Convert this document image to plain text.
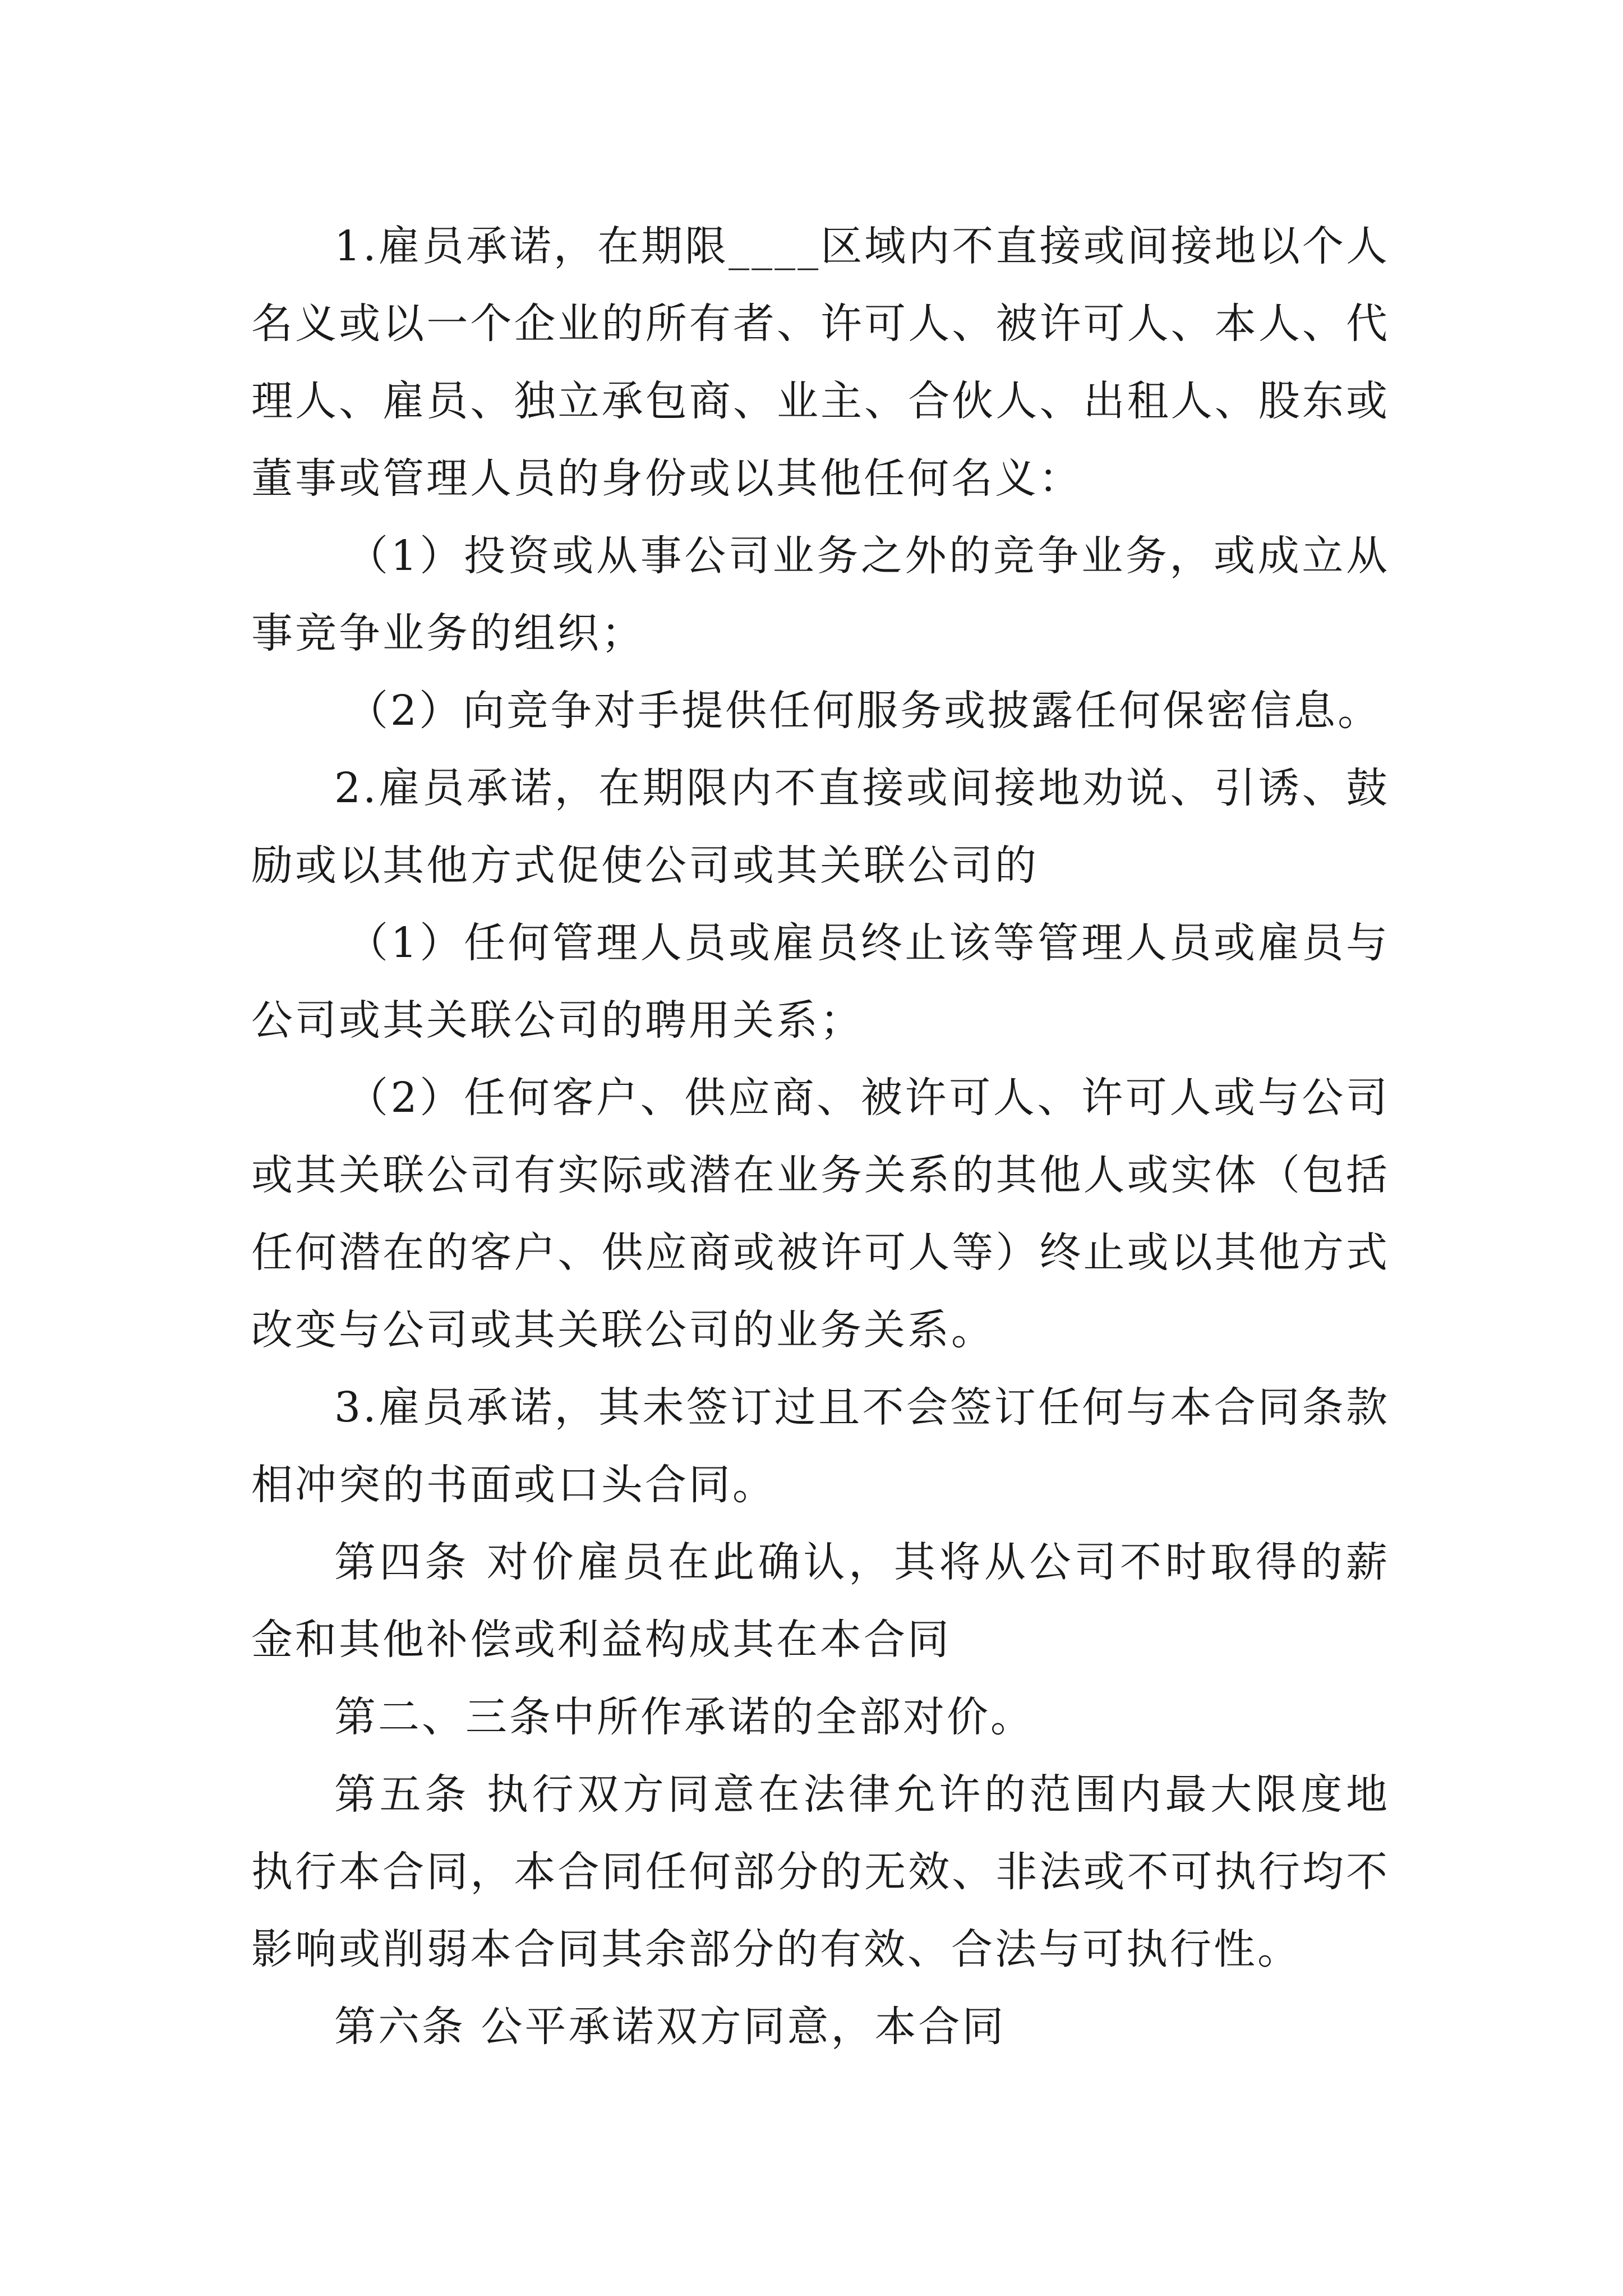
1.雇员承诺，在期限____区域内不直接或间接地以个人名义或以一个企业的所有者、许可人、被许可人、本人、代理人、雇员、独立承包商、业主、合伙人、出租人、股东或董事或管理人员的身份或以其他任何名义：

（1）投资或从事公司业务之外的竞争业务，或成立从事竞争业务的组织；

（2）向竞争对手提供任何服务或披露任何保密信息。

2.雇员承诺，在期限内不直接或间接地劝说、引诱、鼓励或以其他方式促使公司或其关联公司的

（1）任何管理人员或雇员终止该等管理人员或雇员与公司或其关联公司的聘用关系；

（2）任何客户、供应商、被许可人、许可人或与公司或其关联公司有实际或潜在业务关系的其他人或实体（包括任何潜在的客户、供应商或被许可人等）终止或以其他方式改变与公司或其关联公司的业务关系。

3.雇员承诺，其未签订过且不会签订任何与本合同条款相冲突的书面或口头合同。

第四条 对价雇员在此确认，其将从公司不时取得的薪金和其他补偿或利益构成其在本合同

第二、三条中所作承诺的全部对价。

第五条 执行双方同意在法律允许的范围内最大限度地执行本合同，本合同任何部分的无效、非法或不可执行均不影响或削弱本合同其余部分的有效、合法与可执行性。

第六条 公平承诺双方同意，本合同
